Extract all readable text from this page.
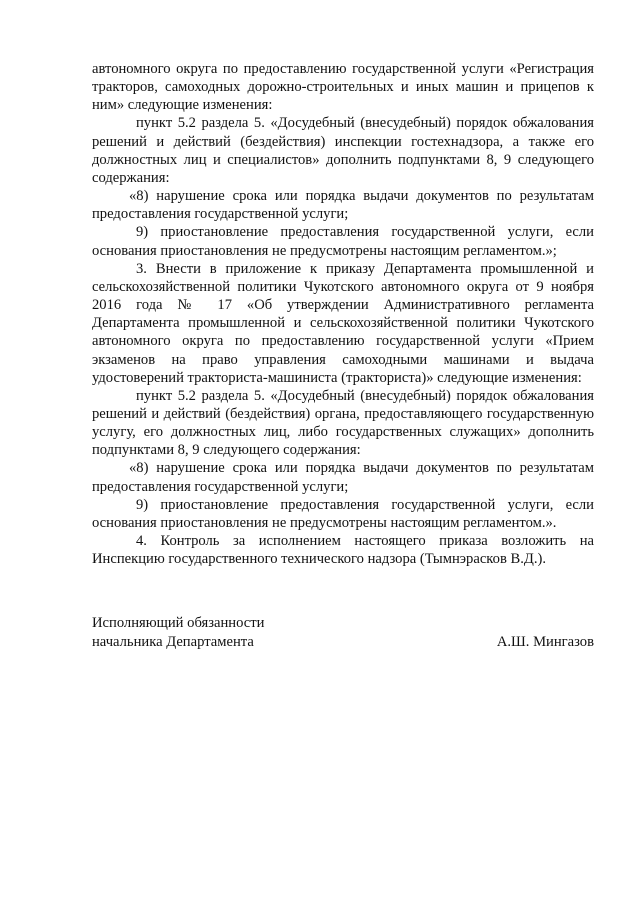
автономного округа по предоставлению государственной услуги «Регистрация тракторов, самоходных дорожно-строительных и иных машин и прицепов к ним» следующие изменения:

пункт 5.2 раздела 5. «Досудебный (внесудебный) порядок обжалования решений и действий (бездействия) инспекции гостехнадзора, а также его должностных лиц и специалистов» дополнить подпунктами 8, 9 следующего содержания:

«8) нарушение срока или порядка выдачи документов по результатам предоставления государственной услуги;

9) приостановление предоставления государственной услуги, если основания приостановления не предусмотрены настоящим регламентом.»;

3. Внести в приложение к приказу Департамента промышленной и сельскохозяйственной политики Чукотского автономного округа от 9 ноября 2016 года № 17 «Об утверждении Административного регламента Департамента промышленной и сельскохозяйственной политики Чукотского автономного округа по предоставлению государственной услуги «Прием экзаменов на право управления самоходными машинами и выдача удостоверений тракториста-машиниста (тракториста)» следующие изменения:

пункт 5.2 раздела 5. «Досудебный (внесудебный) порядок обжалования решений и действий (бездействия) органа, предоставляющего государственную услугу, его должностных лиц, либо государственных служащих» дополнить подпунктами 8, 9 следующего содержания:

«8) нарушение срока или порядка выдачи документов по результатам предоставления государственной услуги;

9) приостановление предоставления государственной услуги, если основания приостановления не предусмотрены настоящим регламентом.».

4. Контроль за исполнением настоящего приказа возложить на Инспекцию государственного технического надзора (Тымнэрасков В.Д.).

Исполняющий обязанности
начальника Департамента	А.Ш. Мингазов
